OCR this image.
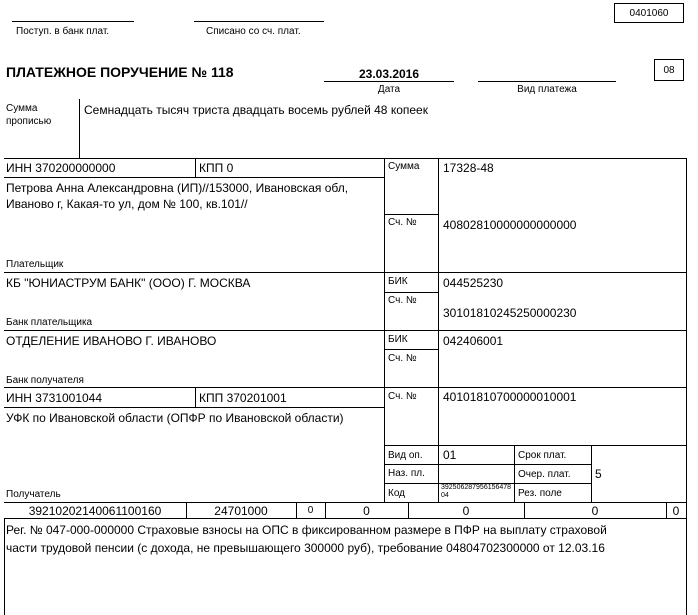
0401060
Поступ. в банк плат.	Списано со сч. плат.
ПЛАТЕЖНОЕ ПОРУЧЕНИЕ № 118	23.03.2016
Дата	Вид платежа
08
Сумма
прописью
Семнадцать тысяч триста двадцать восемь рублей 48 копеек
ИНН 370200000000	КПП 0
Петрова Анна Александровна (ИП)//153000, Ивановская обл,
Иваново г, Какая-то ул, дом № 100, кв.101//
Плательщик
Сумма 17328-48
Сч. № 40802810000000000000
КБ "ЮНИАСТРУМ БАНК" (ООО) Г. МОСКВА
Банк плательщика
БИК	044525230
Сч. №
30101810245250000230
ОТДЕЛЕНИЕ ИВАНОВО Г. ИВАНОВО
Банк получателя
БИК	042406001
Сч. №
ИНН 3731001044	КПП 370201001
УФК по Ивановской области (ОПФР по Ивановской области)
Получатель
Сч. № 40101810700000010001
Вид оп. 01
Наз. пл.
Код
39250628795615647804
Срок плат.
Очер. плат. 5
Рез. поле
39210202140061100160	24701000	0	0	0	0	0
Рег. № 047-000-000000 Страховые взносы на ОПС в фиксированном размере в ПФР на выплату страховой
части трудовой пенсии (с дохода, не превышающего 300000 руб), требование 04804702300000 от 12.03.16
